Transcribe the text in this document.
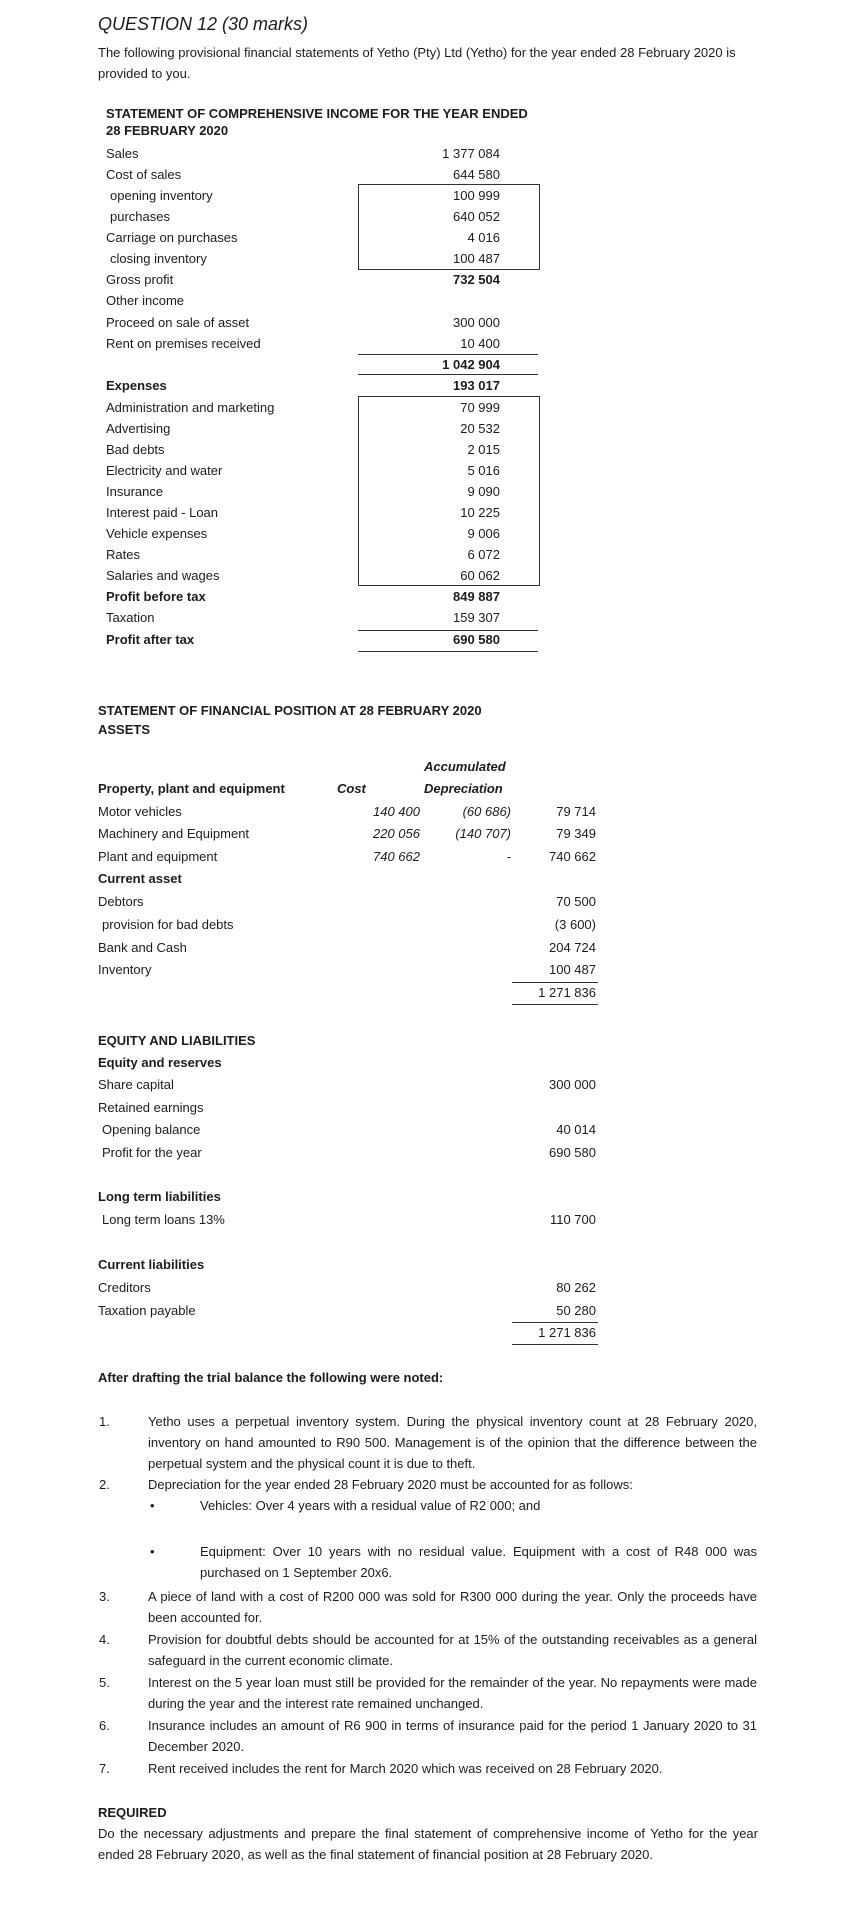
QUESTION 12 (30 marks)
The following provisional financial statements of Yetho (Pty) Ltd (Yetho) for the year ended 28 February 2020 is provided to you.
STATEMENT OF COMPREHENSIVE INCOME FOR THE YEAR ENDED
28 FEBRUARY 2020
Sales	1 377 084
Cost of sales	644 580
opening inventory	100 999
purchases	640 052
Carriage on purchases	4 016
closing inventory	100 487
Gross profit	732 504
Other income
Proceed on sale of asset	300 000
Rent on premises received	10 400
1 042 904
Expenses	193 017
Administration and marketing	70 999
Advertising	20 532
Bad debts	2 015
Electricity and water	5 016
Insurance	9 090
Interest paid - Loan	10 225
Vehicle expenses	9 006
Rates	6 072
Salaries and wages	60 062
Profit before tax	849 887
Taxation	159 307
Profit after tax	690 580
STATEMENT OF FINANCIAL POSITION AT 28 FEBRUARY 2020
ASSETS
Accumulated
Property, plant and equipment	Cost	Depreciation
Motor vehicles	140 400	(60 686)	79 714
Machinery and Equipment	220 056	(140 707)	79 349
Plant and equipment	740 662	-	740 662
Current asset
Debtors	70 500
provision for bad debts	(3 600)
Bank and Cash	204 724
Inventory	100 487
1 271 836
EQUITY AND LIABILITIES
Equity and reserves
Share capital	300 000
Retained earnings
Opening balance	40 014
Profit for the year	690 580
Long term liabilities
Long term loans 13%	110 700
Current liabilities
Creditors	80 262
Taxation payable	50 280
1 271 836
After drafting the trial balance the following were noted:
1.	Yetho uses a perpetual inventory system. During the physical inventory count at 28 February 2020, inventory on hand amounted to R90 500. Management is of the opinion that the difference between the perpetual system and the physical count it is due to theft.
2.	Depreciation for the year ended 28 February 2020 must be accounted for as follows:
3.	A piece of land with a cost of R200 000 was sold for R300 000 during the year. Only the proceeds have been accounted for.
4.	Provision for doubtful debts should be accounted for at 15% of the outstanding receivables as a general safeguard in the current economic climate.
5.	Interest on the 5 year loan must still be provided for the remainder of the year. No repayments were made during the year and the interest rate remained unchanged.
6.	Insurance includes an amount of R6 900 in terms of insurance paid for the period 1 January 2020 to 31 December 2020.
7.	Rent received includes the rent for March 2020 which was received on 28 February 2020.
•	Vehicles: Over 4 years with a residual value of R2 000; and
•	Equipment: Over 10 years with no residual value. Equipment with a cost of R48 000 was purchased on 1 September 20x6.
REQUIRED
Do the necessary adjustments and prepare the final statement of comprehensive income of Yetho for the year ended 28 February 2020, as well as the final statement of financial position at 28 February 2020.
